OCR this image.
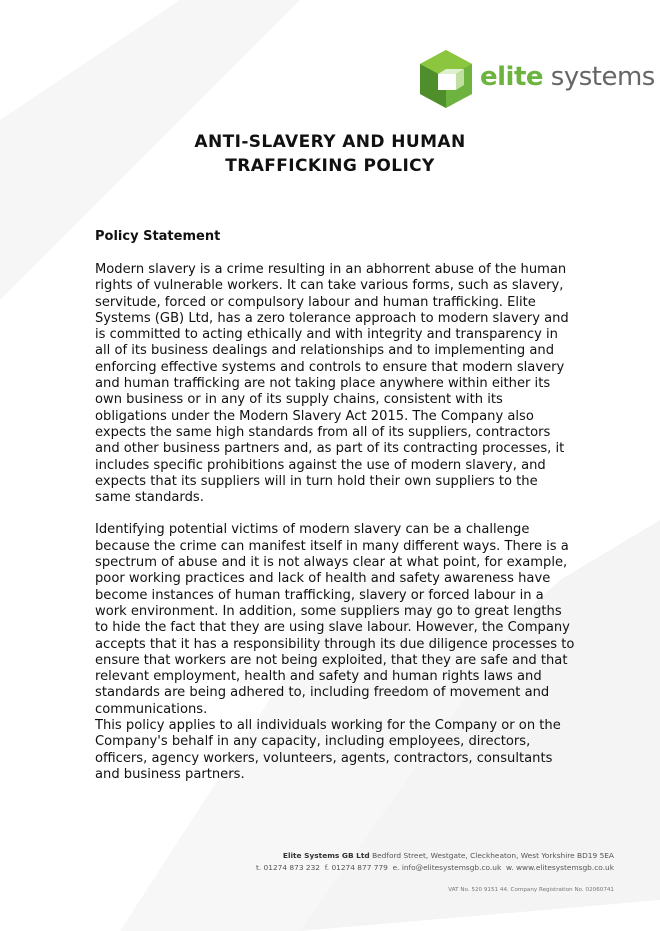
elite systems
ANTI-SLAVERY AND HUMAN
TRAFFICKING POLICY
Policy Statement

Modern slavery is a crime resulting in an abhorrent abuse of the human rights of vulnerable workers. It can take various forms, such as slavery, servitude, forced or compulsory labour and human trafficking. Elite Systems (GB) Ltd, has a zero tolerance approach to modern slavery and is committed to acting ethically and with integrity and transparency in all of its business dealings and relationships and to implementing and enforcing effective systems and controls to ensure that modern slavery and human trafficking are not taking place anywhere within either its own business or in any of its supply chains, consistent with its obligations under the Modern Slavery Act 2015. The Company also expects the same high standards from all of its suppliers, contractors and other business partners and, as part of its contracting processes, it includes specific prohibitions against the use of modern slavery, and expects that its suppliers will in turn hold their own suppliers to the same standards.

Identifying potential victims of modern slavery can be a challenge because the crime can manifest itself in many different ways. There is a spectrum of abuse and it is not always clear at what point, for example, poor working practices and lack of health and safety awareness have become instances of human trafficking, slavery or forced labour in a work environment. In addition, some suppliers may go to great lengths to hide the fact that they are using slave labour. However, the Company accepts that it has a responsibility through its due diligence processes to ensure that workers are not being exploited, that they are safe and that relevant employment, health and safety and human rights laws and standards are being adhered to, including freedom of movement and communications.

This policy applies to all individuals working for the Company or on the Company's behalf in any capacity, including employees, directors, officers, agency workers, volunteers, agents, contractors, consultants and business partners.

Elite Systems GB Ltd Bedford Street, Westgate, Cleckheaton, West Yorkshire BD19 5EA
t. 01274 873 232 f. 01274 877 779 e. info@elitesystemsgb.co.uk w. www.elitesystemsgb.co.uk
VAT No. 520 9151 44. Company Registration No. 02060741
